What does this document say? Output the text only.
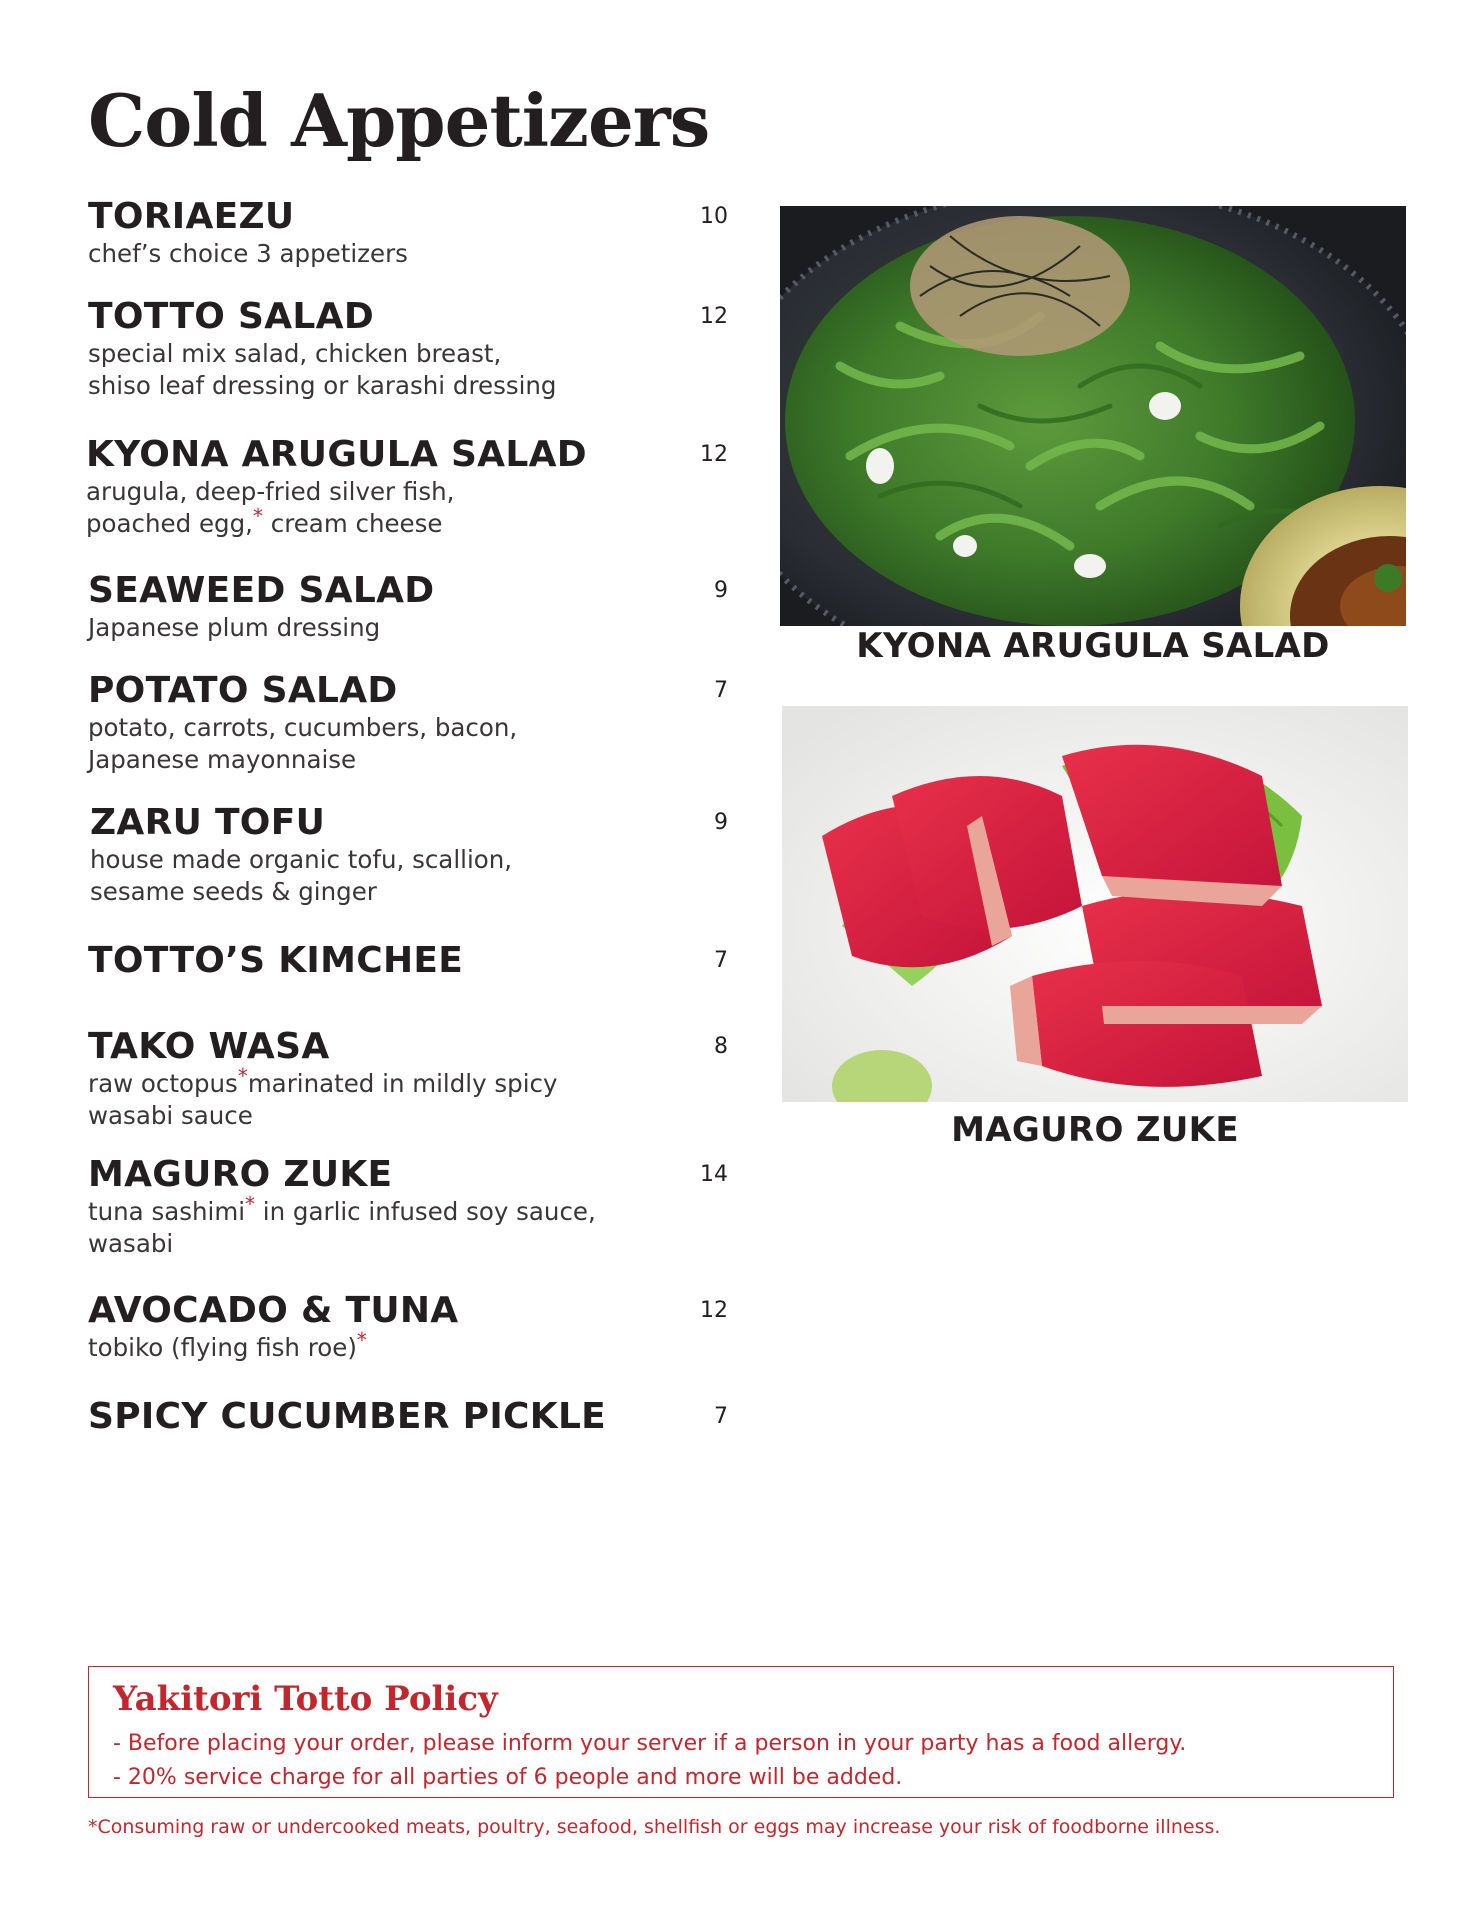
Cold Appetizers
TORIAEZU	10
chef’s choice 3 appetizers
TOTTO SALAD	12
special mix salad, chicken breast,
shiso leaf dressing or karashi dressing
KYONA ARUGULA SALAD	12
arugula, deep-fried silver fish,
poached egg,* cream cheese
SEAWEED SALAD	9
Japanese plum dressing
POTATO SALAD	7
potato, carrots, cucumbers, bacon,
Japanese mayonnaise
ZARU TOFU	9
house made organic tofu, scallion,
sesame seeds & ginger
TOTTO’S KIMCHEE	7
TAKO WASA	8
raw octopus*marinated in mildly spicy
wasabi sauce
MAGURO ZUKE	14
tuna sashimi* in garlic infused soy sauce,
wasabi
AVOCADO & TUNA	12
tobiko (flying fish roe)*
SPICY CUCUMBER PICKLE	7
KYONA ARUGULA SALAD
MAGURO ZUKE
Yakitori Totto Policy
- Before placing your order, please inform your server if a person in your party has a food allergy.
- 20% service charge for all parties of 6 people and more will be added.
*Consuming raw or undercooked meats, poultry, seafood, shellfish or eggs may increase your risk of foodborne illness.
